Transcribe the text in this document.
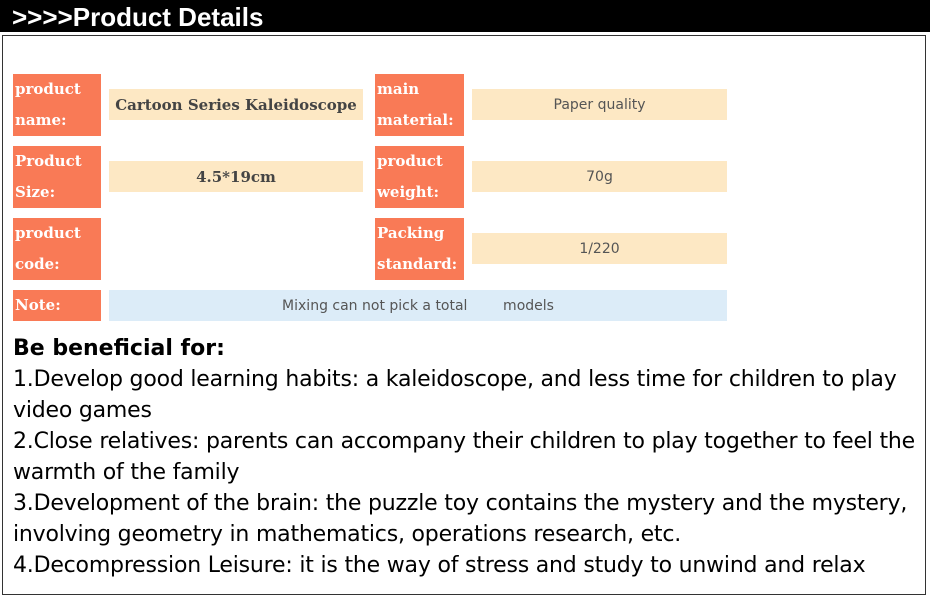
>>>>Product Details
product name:
Cartoon Series Kaleidoscope
main material:
Paper quality
Product Size:
4.5*19cm
product weight:
70g
product code:
Packing standard:
1/220
Note:	Mixing can not pick a total        models

Be beneficial for:

1.Develop good learning habits: a kaleidoscope, and less time for children to play video games

2.Close relatives: parents can accompany their children to play together to feel the warmth of the family

3.Development of the brain: the puzzle toy contains the mystery and the mystery, involving geometry in mathematics, operations research, etc.

4.Decompression Leisure: it is the way of stress and study to unwind and relax
